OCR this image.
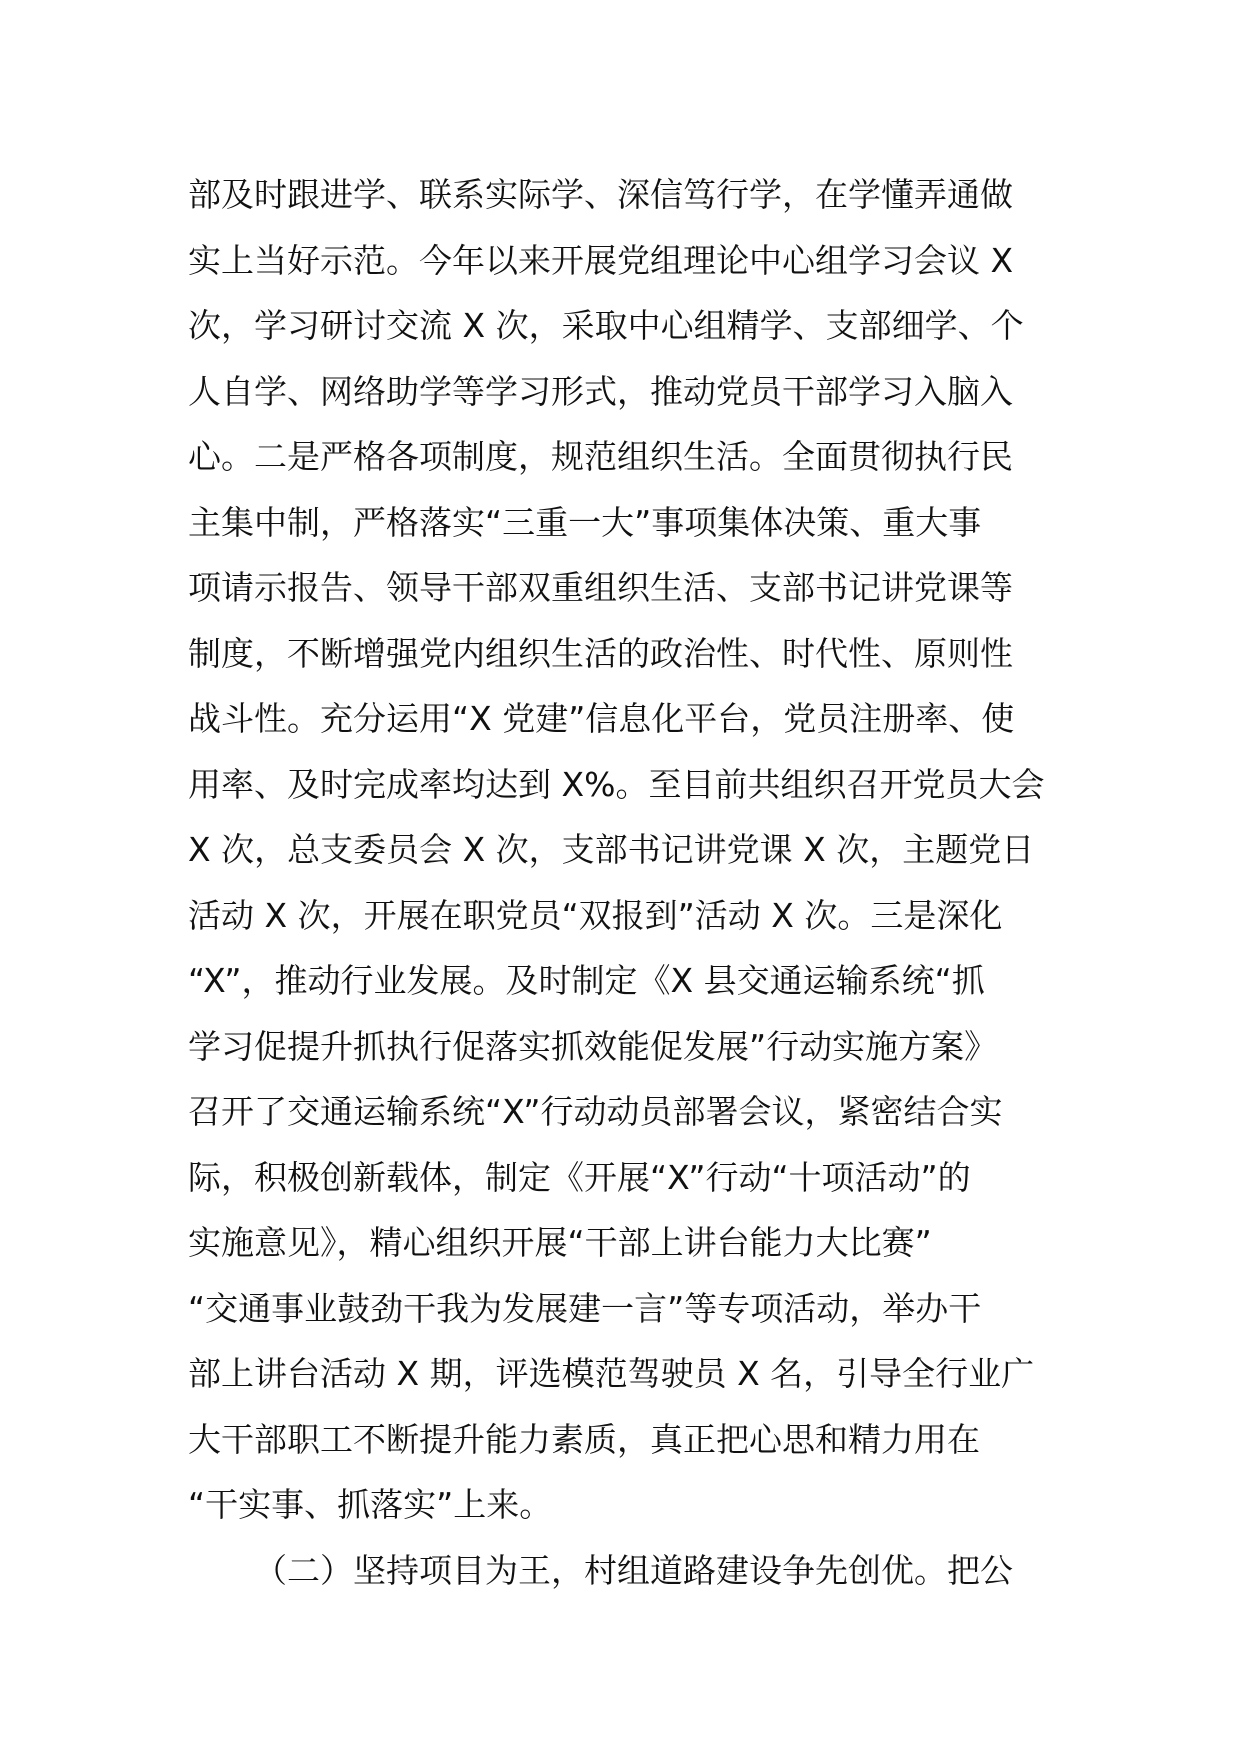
部及时跟进学、联系实际学、深信笃行学，在学懂弄通做
实上当好示范。今年以来开展党组理论中心组学习会议 X
次，学习研讨交流 X 次，采取中心组精学、支部细学、个
人自学、网络助学等学习形式，推动党员干部学习入脑入
心。二是严格各项制度，规范组织生活。全面贯彻执行民
主集中制，严格落实“三重一大”事项集体决策、重大事
项请示报告、领导干部双重组织生活、支部书记讲党课等
制度，不断增强党内组织生活的政治性、时代性、原则性
战斗性。充分运用“X 党建”信息化平台，党员注册率、使
用率、及时完成率均达到 X%。至目前共组织召开党员大会
X 次，总支委员会 X 次，支部书记讲党课 X 次，主题党日
活动 X 次，开展在职党员“双报到”活动 X 次。三是深化
“X”，推动行业发展。及时制定《X 县交通运输系统“抓
学习促提升抓执行促落实抓效能促发展”行动实施方案》
召开了交通运输系统“X”行动动员部署会议，紧密结合实
际，积极创新载体，制定《开展“X”行动“十项活动”的
实施意见》，精心组织开展“干部上讲台能力大比赛”
“交通事业鼓劲干我为发展建一言”等专项活动，举办干
部上讲台活动 X 期，评选模范驾驶员 X 名，引导全行业广
大干部职工不断提升能力素质，真正把心思和精力用在
“干实事、抓落实”上来。
（二）坚持项目为王，村组道路建设争先创优。把公
